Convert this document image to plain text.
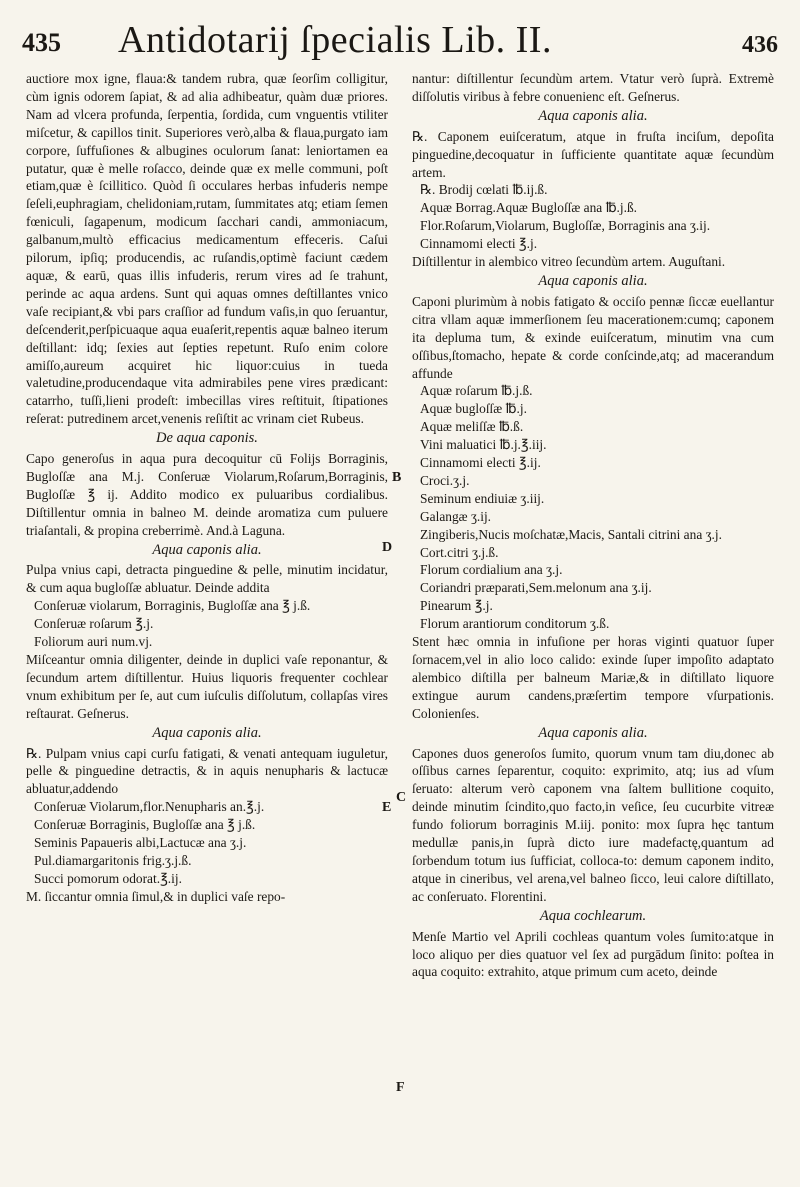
435 Antidotarij ſpecialis Lib. II.	436

auctiore mox igne, flaua:& tandem rubra, quæ ſeorſim colligitur, cùm ignis odorem ſapiat, & ad alia adhibeatur, quàm duæ priores. Nam ad vlcera profunda, ſerpentia, ſordida, cum vnguentis vtiliter miſcetur, & capillos tinit. Superiores verò,alba & flaua,purgato iam corpore, ſuffuſiones & albugines oculorum ſanat: leniortamen ea putatur, quæ è melle roſacco, deinde quæ ex melle communi, poſt etiam,quæ è ſcillitico. Quòd ſi occulares herbas infuderis nempe ſeſeli,euphragiam, chelidoniam,rutam, ſummitates atq; etiam ſemen fœniculi, ſagapenum, modicum ſacchari candi, ammoniacum, galbanum,multò efficacius medicamentum effeceris. Caſui pilorum, ipſiq; producendis, ac ruſandis,optimè faciunt cædem aquæ, & earū, quas illis infuderis, rerum vires ad ſe trahunt, perinde ac aqua ardens. Sunt qui aquas omnes deſtillantes vnico vaſe recipiant,& vbi pars craſſior ad fundum vaſis,in quo ſeruantur, deſcenderit,perſpicuaque aqua euaſerit,repentis aquæ balneo iterum deſtillant: idq; ſexies aut ſepties repetunt. Ruſo enim colore amiſſo,aureum acquiret hic liquor:cuius in tueda valetudine,producendaque vita admirabiles pene vires prædicant: catarrho, tuſſi,lieni prodeſt: imbecillas vires reſtituit, ſtipationes reſerat: putredinem arcet,venenis reſiſtit ac vrinam ciet Rubeus.

De aqua caponis.

Capo generoſus in aqua pura decoquitur cū Folijs Borraginis, Bugloſſæ ana M.j. Conſeruæ Violarum,Roſarum,Borraginis, Bugloſſæ ℥ ij. Addito modico ex puluaribus cordialibus. Diſtillentur omnia in balneo M. deinde aromatiza cum puluere triaſantali, & propina creberrimè. And.à Laguna.

Aqua caponis alia.

Pulpa vnius capi, detracta pinguedine & pelle, minutim incidatur, & cum aqua bugloſſæ abluatur. Deinde addita

Conſeruæ violarum, Borraginis, Bugloſſæ ana ℥ j.ß.

Conſeruæ roſarum ℥.j.

Foliorum auri num.vj.

Miſceantur omnia diligenter, deinde in duplici vaſe reponantur, & ſecundum artem diſtillentur. Huius liquoris frequenter cochlear vnum exhibitum per ſe, aut cum iuſculis diſſolutum, collapſas vires reſtaurat. Geſnerus.

Aqua caponis alia.

℞. Pulpam vnius capi curſu fatigati, & venati antequam iuguletur, pelle & pinguedine detractis, & in aquis nenupharis & lactucæ abluatur,addendo

Conſeruæ Violarum,flor.Nenupharis an.℥.j.

Conſeruæ Borraginis, Bugloſſæ ana ℥ j.ß.

Seminis Papaueris albi,Lactucæ ana ʒ.j.

Pul.diamargaritonis frig.ʒ.j.ß.

Succi pomorum odorat.℥.ij.

M. ſiccantur omnia ſimul,& in duplici vaſe repo-

nantur: diſtillentur ſecundùm artem. Vtatur verò ſuprà. Extremè diſſolutis viribus à febre conuenienc eſt. Geſnerus.

Aqua caponis alia.

℞. Caponem euiſceratum, atque in fruſta inciſum, depoſita pinguedine,decoquatur in ſufficiente quantitate aquæ ſecundùm artem.

℞. Brodij cœlati ℔.ij.ß.

Aquæ Borrag.Aquæ Bugloſſæ ana ℔.j.ß.

Flor.Roſarum,Violarum, Bugloſſæ, Borraginis ana ʒ.ij.

Cinnamomi electi ℥.j.

Diſtillentur in alembico vitreo ſecundùm artem. Auguſtani.

Aqua caponis alia.

Caponi plurimùm à nobis fatigato & occiſo pennæ ſiccæ euellantur citra vllam aquæ immerſionem ſeu macerationem:cumq; caponem ita depluma tum, & exinde euiſceratum, minutim vna cum oſſibus,ſtomacho, hepate & corde conſcinde,atq; ad macerandum affunde

Aquæ roſarum ℔.j.ß.

Aquæ bugloſſæ ℔.j.

Aquæ meliſſæ ℔.ß.

Vini maluatici ℔.j.℥.iij.

Cinnamomi electi ℥.ij.

Croci.ʒ.j.

Seminum endiuiæ ʒ.iij.

Galangæ ʒ.ij.

Zingiberis,Nucis moſchatæ,Macis, Santali citrini ana ʒ.j.

Cort.citri ʒ.j.ß.

Florum cordialium ana ʒ.j.

Coriandri præparati,Sem.melonum ana ʒ.ij.

Pinearum ℥.j.

Florum arantiorum conditorum ʒ.ß.

Stent hæc omnia in infuſione per horas viginti quatuor ſuper ſornacem,vel in alio loco calido: exinde ſuper impoſito adaptato alembico diſtilla per balneum Mariæ,& in diſtillato liquore extingue aurum candens,præſertim tempore vſurpationis. Colonienſes.

Aqua caponis alia.

Capones duos generoſos ſumito, quorum vnum tam diu,donec ab oſſibus carnes ſeparentur, coquito: exprimito, atq; ius ad vſum ſeruato: alterum verò caponem vna ſaltem bullitione coquito, deinde minutim ſcindito,quo facto,in veſice, ſeu cucurbite vitreæ fundo foliorum borraginis M.iij. ponito: mox ſupra hęc tantum medullæ panis,in ſuprà dicto iure madefactę,quantum ad ſorbendum totum ius ſufficiat, colloca-to: demum caponem indito, atque in cineribus, vel arena,vel balneo ſicco, leui calore diſtillato, ac conſeruato. Florentini.

Aqua cochlearum.

Menſe Martio vel Aprili cochleas quantum voles ſumito:atque in loco aliquo per dies quatuor vel ſex ad purgādum ſinito: poſtea in aqua coquito: extrahito, atque primum cum aceto, deinde

B
C
D
E
F
